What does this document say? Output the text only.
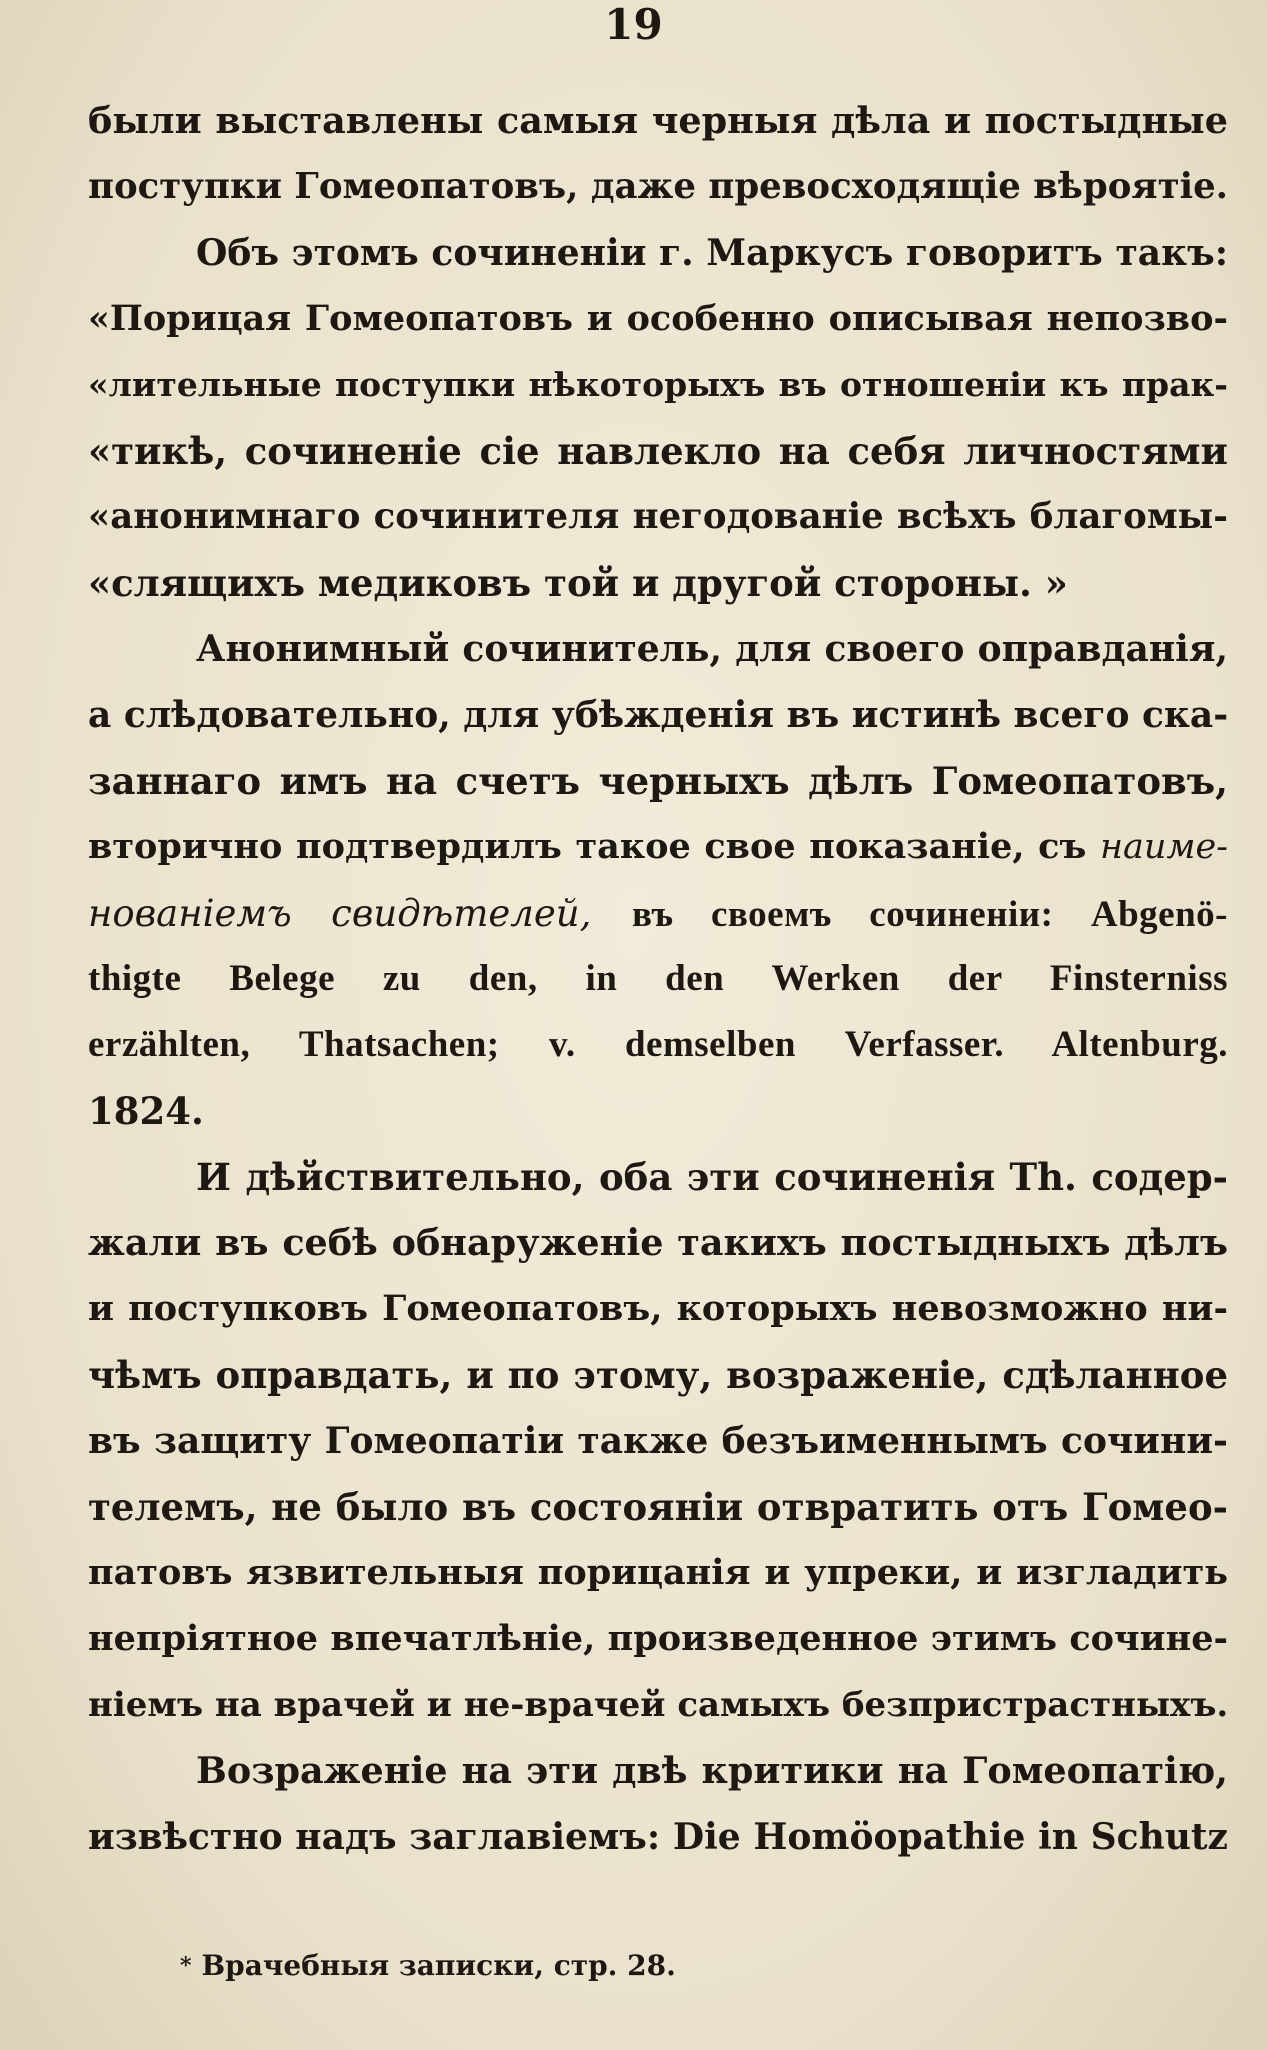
19
были выставлены самыя черныя дѣла и постыдные
поступки Гомеопатовъ, даже превосходящіе вѣроятіе.
Объ этомъ сочиненіи г. Маркусъ говоритъ такъ:
«Порицая Гомеопатовъ и особенно описывая непозво-
«лительные поступки нѣкоторыхъ въ отношеніи къ прак-
«тикѣ, сочиненіе сіе навлекло на себя личностями
«анонимнаго сочинителя негодованіе всѣхъ благомы-
«слящихъ медиковъ той и другой стороны. »
Анонимный сочинитель, для своего оправданія,
а слѣдовательно, для убѣжденія въ истинѣ всего ска-
заннаго имъ на счетъ черныхъ дѣлъ Гомеопатовъ,
вторично подтвердилъ такое свое показаніе, съ наиме-
нованіемъ свидѣтелей, въ своемъ сочиненіи: Abgenö-
thigte Belege zu den, in den Werken der Finsterniss
erzählten, Thatsachen; v. demselben Verfasser. Altenburg.
1824.
И дѣйствительно, оба эти сочиненія Th. содер-
жали въ себѣ обнаруженіе такихъ постыдныхъ дѣлъ
и поступковъ Гомеопатовъ, которыхъ невозможно ни-
чѣмъ оправдать, и по этому, возраженіе, сдѣланное
въ защиту Гомеопатіи также безъименнымъ сочини-
телемъ, не было въ состояніи отвратить отъ Гомео-
патовъ язвительныя порицанія и упреки, и изгладить
непріятное впечатлѣніе, произведенное этимъ сочине-
ніемъ на врачей и не-врачей самыхъ безпристрастныхъ.
Возраженіе на эти двѣ критики на Гомеопатію,
извѣстно надъ заглавіемъ: Die Homöopathie in Schutz
* Врачебныя записки, стр. 28.
